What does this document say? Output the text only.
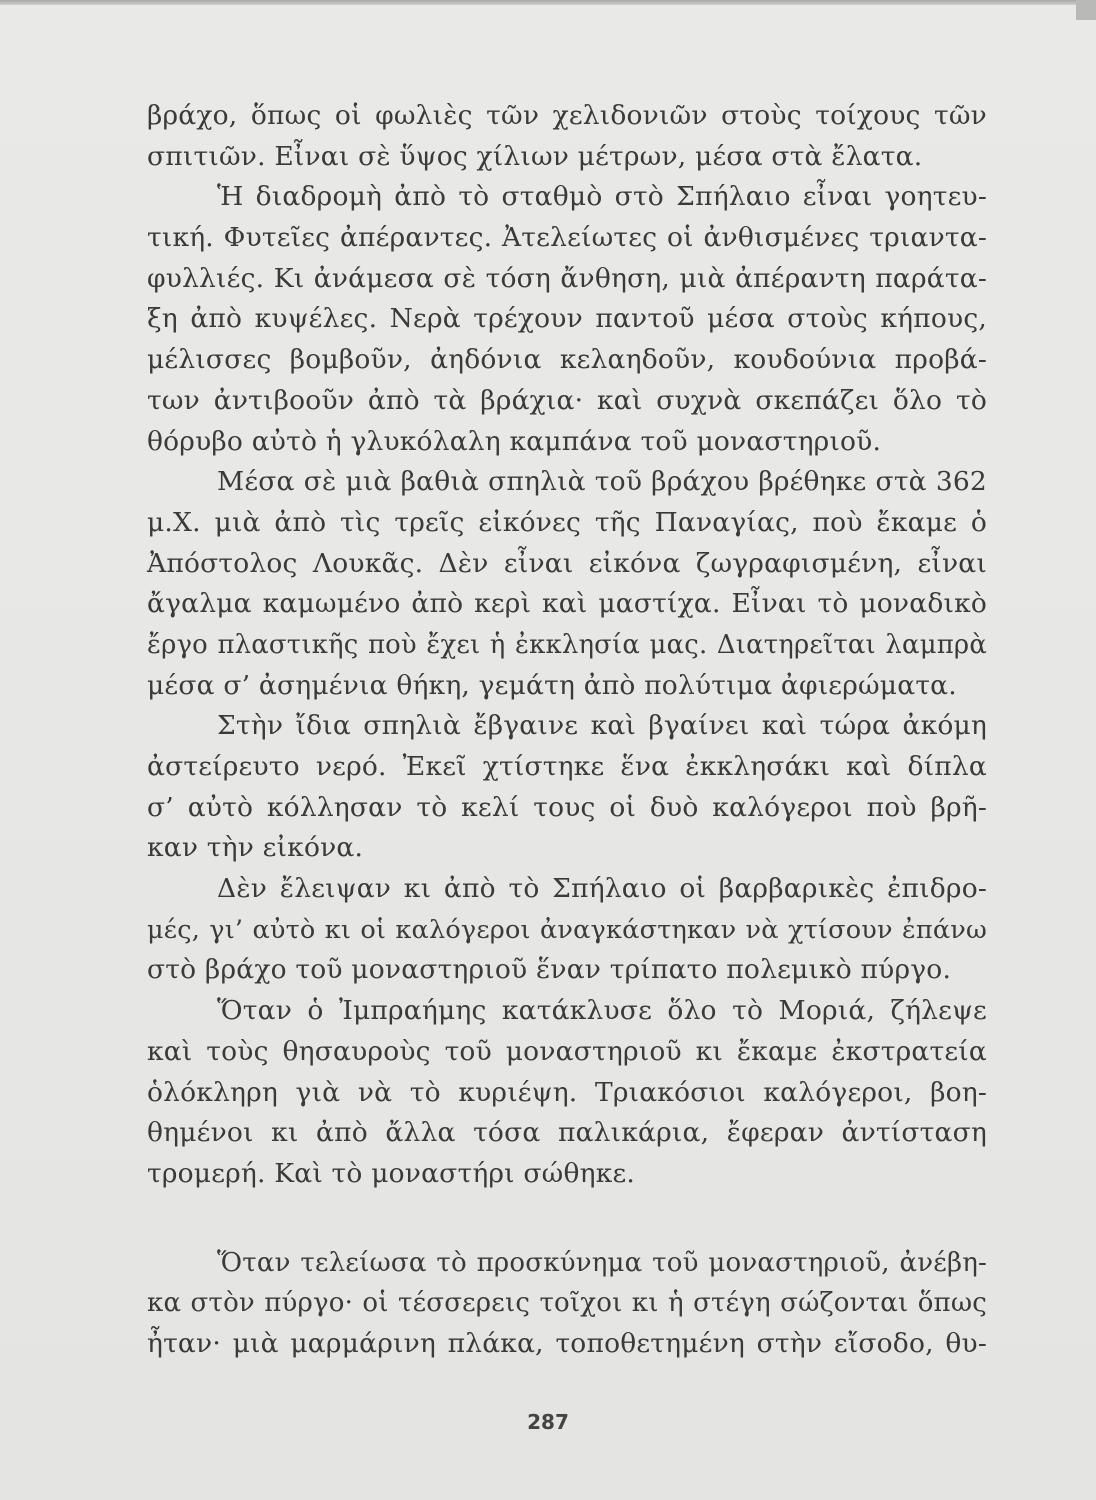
βράχο, ὅπως οἱ φωλιὲς τῶν χελιδονιῶν στοὺς τοίχους τῶν
σπιτιῶν. Εἶναι σὲ ὕψος χίλιων μέτρων, μέσα στὰ ἔλατα.
Ἡ διαδρομὴ ἀπὸ τὸ σταθμὸ στὸ Σπήλαιο εἶναι γοητευ-
τική. Φυτεῖες ἀπέραντες. Ἀτελείωτες οἱ ἀνθισμένες τριαντα-
φυλλιές. Κι ἀνάμεσα σὲ τόση ἄνθηση, μιὰ ἀπέραντη παράτα-
ξη ἀπὸ κυψέλες. Νερὰ τρέχουν παντοῦ μέσα στοὺς κήπους,
μέλισσες βομβοῦν, ἀηδόνια κελαηδοῦν, κουδούνια προβά-
των ἀντιβοοῦν ἀπὸ τὰ βράχια· καὶ συχνὰ σκεπάζει ὅλο τὸ
θόρυβο αὐτὸ ἡ γλυκόλαλη καμπάνα τοῦ μοναστηριοῦ.
Μέσα σὲ μιὰ βαθιὰ σπηλιὰ τοῦ βράχου βρέθηκε στὰ 362
μ.Χ. μιὰ ἀπὸ τὶς τρεῖς εἰκόνες τῆς Παναγίας, ποὺ ἔκαμε ὁ
Ἀπόστολος Λουκᾶς. Δὲν εἶναι εἰκόνα ζωγραφισμένη, εἶναι
ἄγαλμα καμωμένο ἀπὸ κερὶ καὶ μαστίχα. Εἶναι τὸ μοναδικὸ
ἔργο πλαστικῆς ποὺ ἔχει ἡ ἐκκλησία μας. Διατηρεῖται λαμπρὰ
μέσα σ’ ἀσημένια θήκη, γεμάτη ἀπὸ πολύτιμα ἀφιερώματα.
Στὴν ἴδια σπηλιὰ ἔβγαινε καὶ βγαίνει καὶ τώρα ἀκόμη
ἀστείρευτο νερό. Ἐκεῖ χτίστηκε ἕνα ἐκκλησάκι καὶ δίπλα
σ’ αὐτὸ κόλλησαν τὸ κελί τους οἱ δυὸ καλόγεροι ποὺ βρῆ-
καν τὴν εἰκόνα.
Δὲν ἔλειψαν κι ἀπὸ τὸ Σπήλαιο οἱ βαρβαρικὲς ἐπιδρο-
μές, γι’ αὐτὸ κι οἱ καλόγεροι ἀναγκάστηκαν νὰ χτίσουν ἐπάνω
στὸ βράχο τοῦ μοναστηριοῦ ἕναν τρίπατο πολεμικὸ πύργο.
Ὅταν ὁ Ἰμπραήμης κατάκλυσε ὅλο τὸ Μοριά, ζήλεψε
καὶ τοὺς θησαυροὺς τοῦ μοναστηριοῦ κι ἔκαμε ἐκστρατεία
ὁλόκληρη γιὰ νὰ τὸ κυριέψη. Τριακόσιοι καλόγεροι, βοη-
θημένοι κι ἀπὸ ἄλλα τόσα παλικάρια, ἔφεραν ἀντίσταση
τρομερή. Καὶ τὸ μοναστήρι σώθηκε.
Ὅταν τελείωσα τὸ προσκύνημα τοῦ μοναστηριοῦ, ἀνέβη-
κα στὸν πύργο· οἱ τέσσερεις τοῖχοι κι ἡ στέγη σώζονται ὅπως
ἦταν· μιὰ μαρμάρινη πλάκα, τοποθετημένη στὴν εἴσοδο, θυ-
287
